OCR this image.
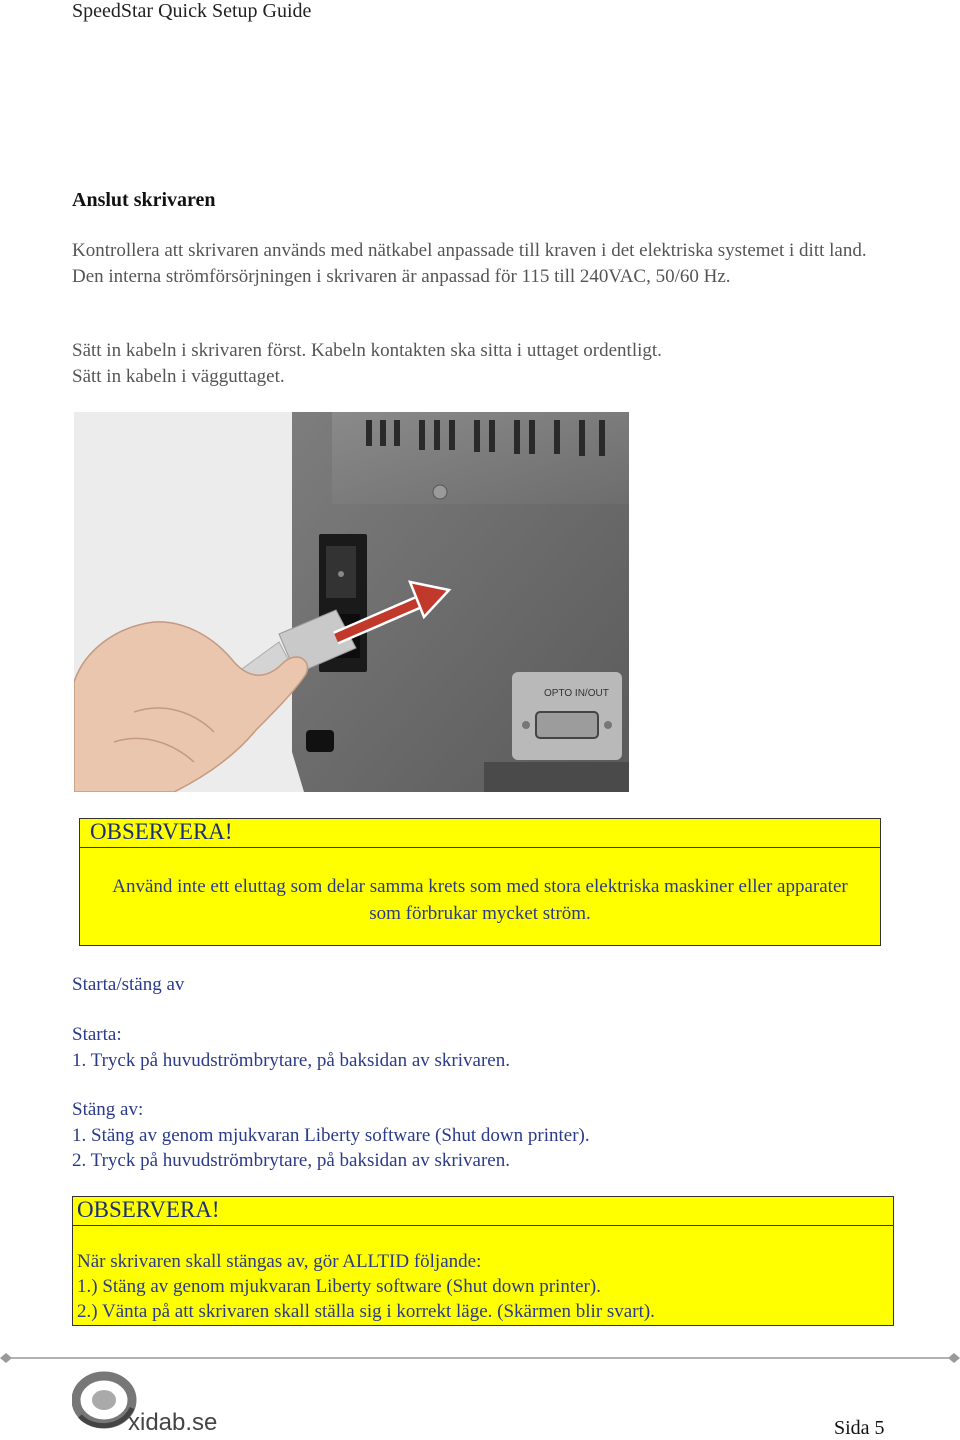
SpeedStar Quick Setup Guide
Anslut skrivaren
Kontrollera att skrivaren används med nätkabel anpassade till kraven i det elektriska systemet i ditt land. Den interna strömförsörjningen i skrivaren är anpassad för 115 till 240VAC, 50/60 Hz.
Sätt in kabeln i skrivaren först. Kabeln kontakten ska sitta i uttaget ordentligt.
Sätt in kabeln i vägguttaget.
OPTO IN/OUT
OBSERVERA!
Använd inte ett eluttag som delar samma krets som med stora elektriska maskiner eller apparater som förbrukar mycket ström.
Starta/stäng av
Starta:
1. Tryck på huvudströmbrytare, på baksidan av skrivaren.
Stäng av:
1. Stäng av genom mjukvaran Liberty software (Shut down printer).
2. Tryck på huvudströmbrytare, på baksidan av skrivaren.
OBSERVERA!
När skrivaren skall stängas av, gör ALLTID följande:
1.) Stäng av genom mjukvaran Liberty software (Shut down printer).
2.) Vänta på att skrivaren skall ställa sig i korrekt läge. (Skärmen blir svart).
xidab.se	Sida 5
